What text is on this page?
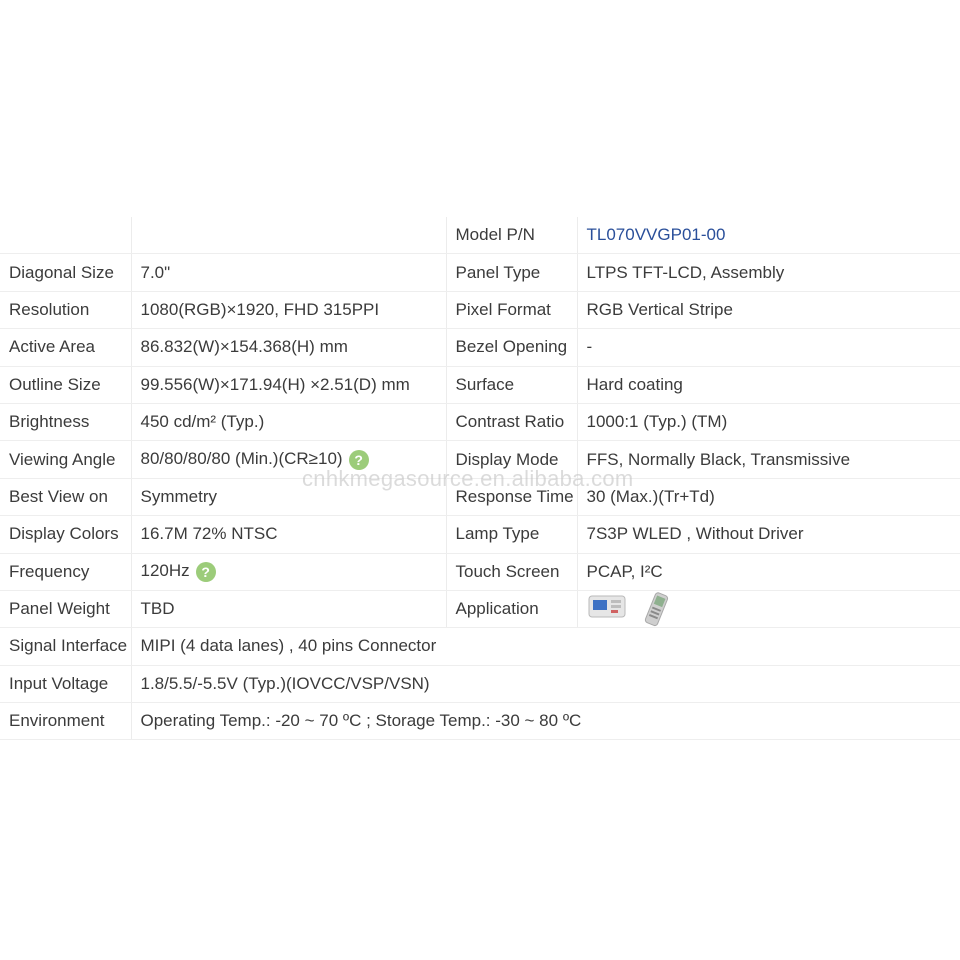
		Model P/N	TL070VVGP01-00
Diagonal Size	7.0"	Panel Type	LTPS TFT-LCD, Assembly
Resolution	1080(RGB)×1920, FHD 315PPI	Pixel Format	RGB Vertical Stripe
Active Area	86.832(W)×154.368(H) mm	Bezel Opening	-
Outline Size	99.556(W)×171.94(H) ×2.51(D) mm	Surface	Hard coating
Brightness	450 cd/m² (Typ.)	Contrast Ratio	1000:1 (Typ.) (TM)
Viewing Angle	80/80/80/80 (Min.)(CR≥10) ?	Display Mode	FFS, Normally Black, Transmissive
Best View on	Symmetry	Response Time	30 (Max.)(Tr+Td)
Display Colors	16.7M 72% NTSC	Lamp Type	7S3P WLED , Without Driver
Frequency	120Hz ?	Touch Screen	PCAP, I²C
Panel Weight	TBD	Application	

Signal Interface	MIPI (4 data lanes) , 40 pins Connector		
Input Voltage	1.8/5.5/-5.5V (Typ.)(IOVCC/VSP/VSN)		
Environment	Operating Temp.: -20 ~ 70 ºC ; Storage Temp.: -30 ~ 80 ºC		
cnhkmegasource.en.alibaba.com
